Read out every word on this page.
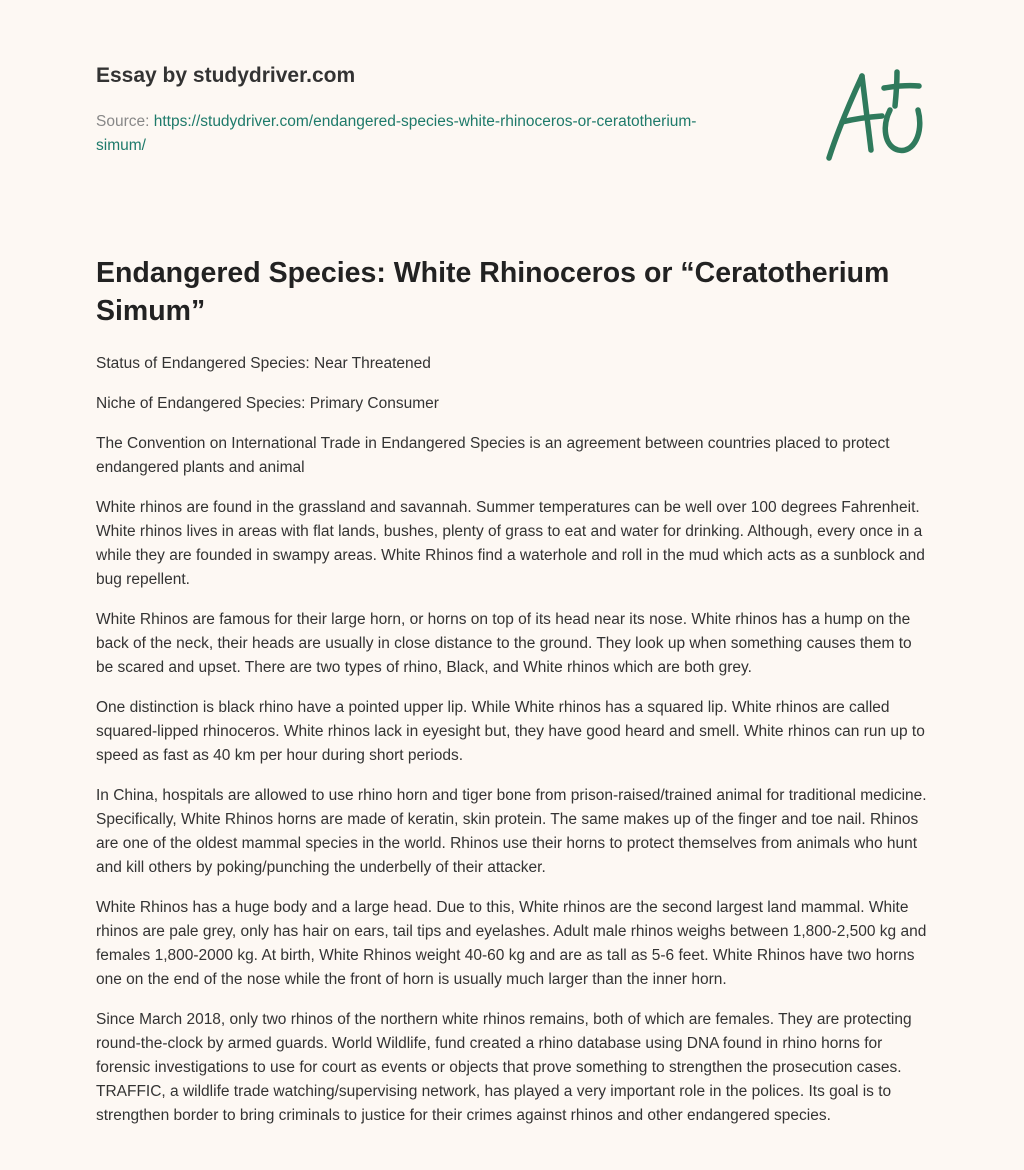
Essay by studydriver.com
Source: https://studydriver.com/endangered-species-white-rhinoceros-or-ceratotherium-simum/
Endangered Species: White Rhinoceros or “Ceratotherium Simum”

Status of Endangered Species: Near Threatened

Niche of Endangered Species: Primary Consumer

The Convention on International Trade in Endangered Species is an agreement between countries placed to protect endangered plants and animal

White rhinos are found in the grassland and savannah. Summer temperatures can be well over 100 degrees Fahrenheit. White rhinos lives in areas with flat lands, bushes, plenty of grass to eat and water for drinking. Although, every once in a while they are founded in swampy areas. White Rhinos find a waterhole and roll in the mud which acts as a sunblock and bug repellent.

White Rhinos are famous for their large horn, or horns on top of its head near its nose. White rhinos has a hump on the back of the neck, their heads are usually in close distance to the ground. They look up when something causes them to be scared and upset. There are two types of rhino, Black, and White rhinos which are both grey.

One distinction is black rhino have a pointed upper lip. While White rhinos has a squared lip. White rhinos are called squared-lipped rhinoceros. White rhinos lack in eyesight but, they have good heard and smell. White rhinos can run up to speed as fast as 40 km per hour during short periods.

In China, hospitals are allowed to use rhino horn and tiger bone from prison-raised/trained animal for traditional medicine. Specifically, White Rhinos horns are made of keratin, skin protein. The same makes up of the finger and toe nail. Rhinos are one of the oldest mammal species in the world. Rhinos use their horns to protect themselves from animals who hunt and kill others by poking/punching the underbelly of their attacker.

White Rhinos has a huge body and a large head. Due to this, White rhinos are the second largest land mammal. White rhinos are pale grey, only has hair on ears, tail tips and eyelashes. Adult male rhinos weighs between 1,800-2,500 kg and females 1,800-2000 kg. At birth, White Rhinos weight 40-60 kg and are as tall as 5-6 feet. White Rhinos have two horns one on the end of the nose while the front of horn is usually much larger than the inner horn.

Since March 2018, only two rhinos of the northern white rhinos remains, both of which are females. They are protecting round-the-clock by armed guards. World Wildlife, fund created a rhino database using DNA found in rhino horns for forensic investigations to use for court as events or objects that prove something to strengthen the prosecution cases. TRAFFIC, a wildlife trade watching/supervising network, has played a very important role in the polices. Its goal is to strengthen border to bring criminals to justice for their crimes against rhinos and other endangered species.
